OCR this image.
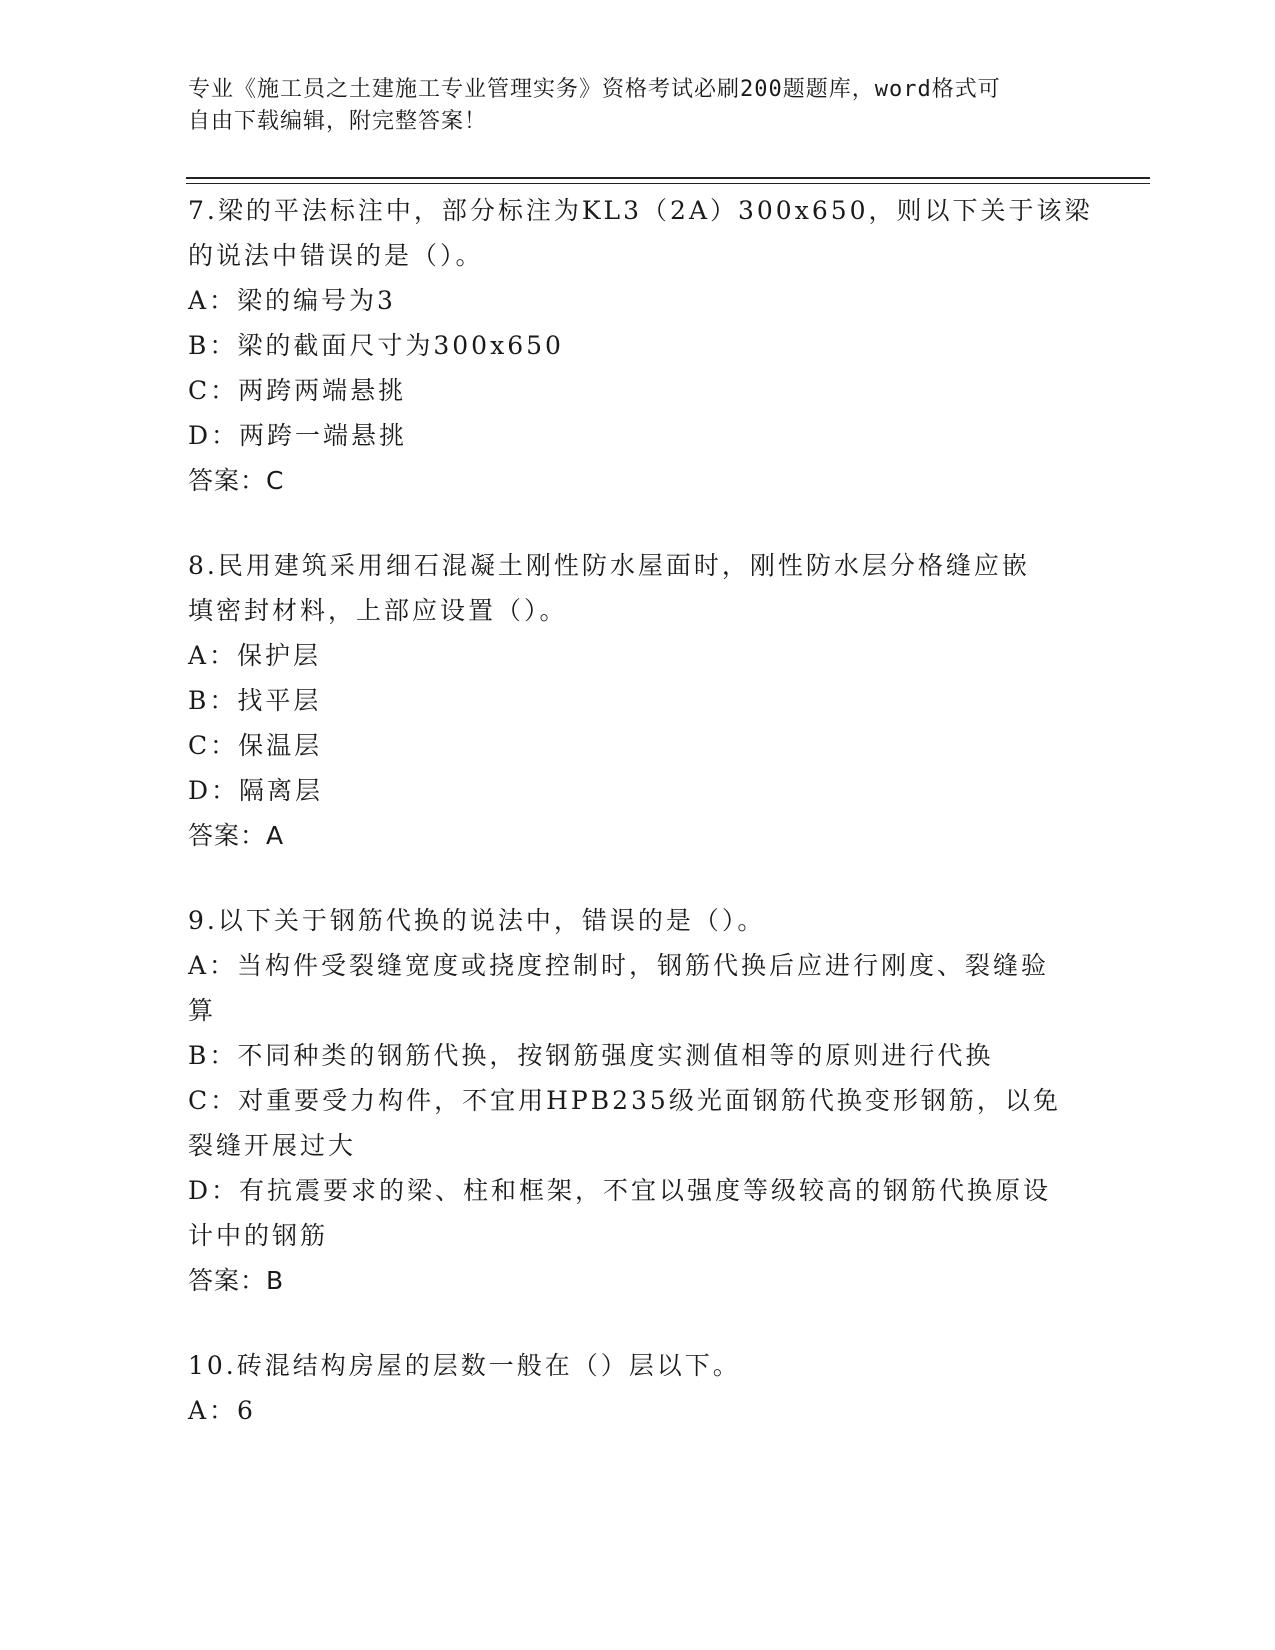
专业《施工员之土建施工专业管理实务》资格考试必刷200题题库，word格式可
自由下载编辑，附完整答案！
7.梁的平法标注中，部分标注为KL3（2A）300x650，则以下关于该梁
的说法中错误的是（）。
A：梁的编号为3
B：梁的截面尺寸为300x650
C：两跨两端悬挑
D：两跨一端悬挑
答案：C
8.民用建筑采用细石混凝土刚性防水屋面时，刚性防水层分格缝应嵌
填密封材料，上部应设置（）。
A：保护层
B：找平层
C：保温层
D：隔离层
答案：A
9.以下关于钢筋代换的说法中，错误的是（）。
A：当构件受裂缝宽度或挠度控制时，钢筋代换后应进行刚度、裂缝验
算
B：不同种类的钢筋代换，按钢筋强度实测值相等的原则进行代换
C：对重要受力构件，不宜用HPB235级光面钢筋代换变形钢筋，以免
裂缝开展过大
D：有抗震要求的梁、柱和框架，不宜以强度等级较高的钢筋代换原设
计中的钢筋
答案：B
10.砖混结构房屋的层数一般在（）层以下。
A：6
